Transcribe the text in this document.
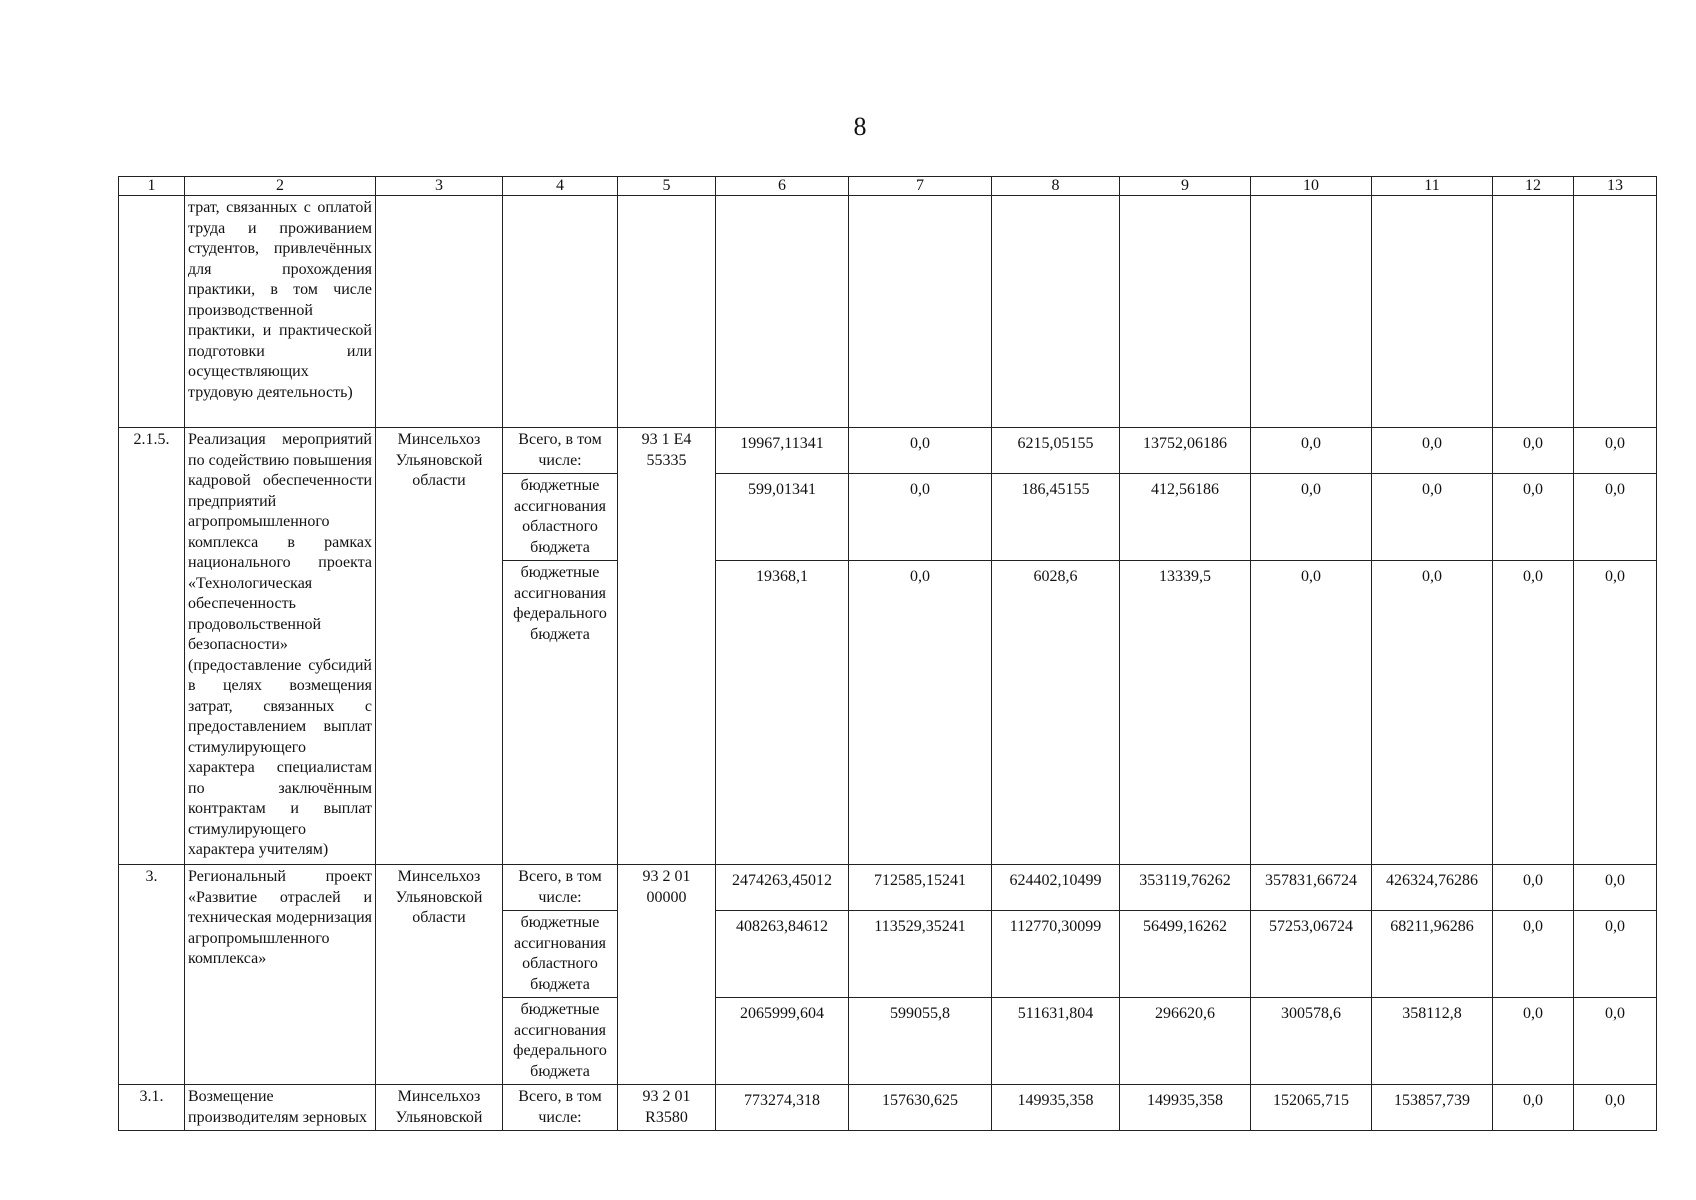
8
1	2	3	4	5	6	7	8	9	10	11	12	13
	трат, связанных с оплатой труда и проживанием студентов, привлечённых для прохождения практики, в том числе производственной практики, и практической подготовки или осуществляющих трудовую деятельность)											
2.1.5.	Реализация мероприятий по содействию повышения кадровой обеспеченности предприятий агропромышленного комплекса в рамках национального проекта «Технологическая обеспеченность продовольственной безопасности» (предоставление субсидий в целях возмещения затрат, связанных с предоставлением выплат стимулирующего характера специалистам по заключённым контрактам и выплат стимулирующего характера учителям)	Минсельхоз Ульяновской области	Всего, в том числе:	93 1 Е4 55335	19967,11341	0,0	6215,05155	13752,06186	0,0	0,0	0,0	0,0
			бюджетные ассигнования областного бюджета		599,01341	0,0	186,45155	412,56186	0,0	0,0	0,0	0,0
			бюджетные ассигнования федерального бюджета		19368,1	0,0	6028,6	13339,5	0,0	0,0	0,0	0,0
3.	Региональный проект «Развитие отраслей и техническая модернизация агропромышленного комплекса»	Минсельхоз Ульяновской области	Всего, в том числе:	93 2 01 00000	2474263,45012	712585,15241	624402,10499	353119,76262	357831,66724	426324,76286	0,0	0,0
			бюджетные ассигнования областного бюджета		408263,84612	113529,35241	112770,30099	56499,16262	57253,06724	68211,96286	0,0	0,0
			бюджетные ассигнования федерального бюджета		2065999,604	599055,8	511631,804	296620,6	300578,6	358112,8	0,0	0,0
3.1.	Возмещение производителям зерновых	Минсельхоз Ульяновской	Всего, в том числе:	93 2 01 R3580	773274,318	157630,625	149935,358	149935,358	152065,715	153857,739	0,0	0,0
